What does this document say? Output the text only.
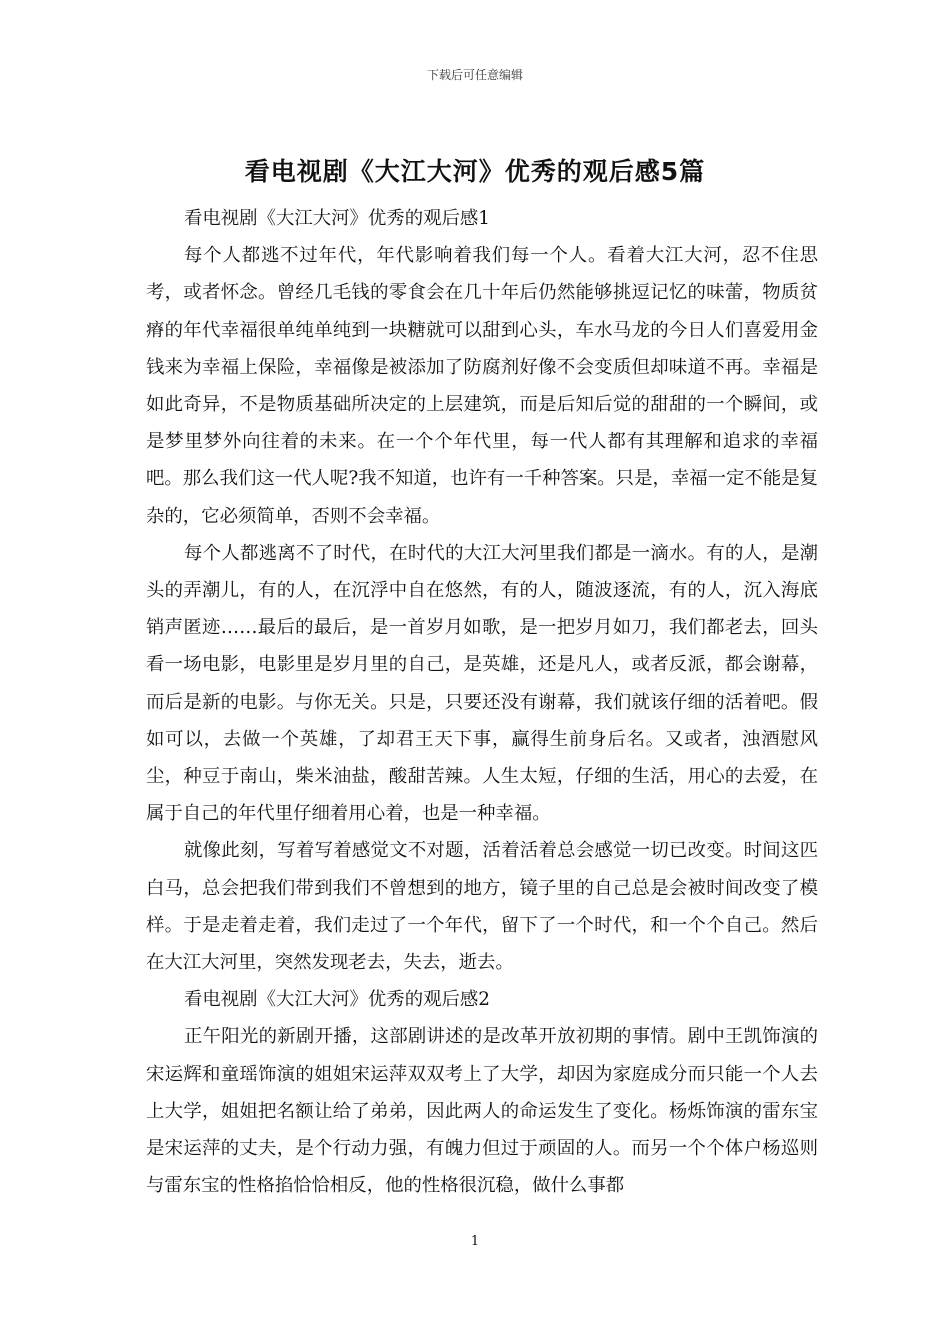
下载后可任意编辑
看电视剧《大江大河》优秀的观后感5篇

看电视剧《大江大河》优秀的观后感1

每个人都逃不过年代，年代影响着我们每一个人。看着大江大河，忍不住思考，或者怀念。曾经几毛钱的零食会在几十年后仍然能够挑逗记忆的味蕾，物质贫瘠的年代幸福很单纯单纯到一块糖就可以甜到心头，车水马龙的今日人们喜爱用金钱来为幸福上保险，幸福像是被添加了防腐剂好像不会变质但却味道不再。幸福是如此奇异，不是物质基础所决定的上层建筑，而是后知后觉的甜甜的一个瞬间，或是梦里梦外向往着的未来。在一个个年代里，每一代人都有其理解和追求的幸福吧。那么我们这一代人呢?我不知道，也许有一千种答案。只是，幸福一定不能是复杂的，它必须简单，否则不会幸福。

每个人都逃离不了时代，在时代的大江大河里我们都是一滴水。有的人，是潮头的弄潮儿，有的人，在沉浮中自在悠然，有的人，随波逐流，有的人，沉入海底销声匿迹……最后的最后，是一首岁月如歌，是一把岁月如刀，我们都老去，回头看一场电影，电影里是岁月里的自己，是英雄，还是凡人，或者反派，都会谢幕，而后是新的电影。与你无关。只是，只要还没有谢幕，我们就该仔细的活着吧。假如可以，去做一个英雄，了却君王天下事，赢得生前身后名。又或者，浊酒慰风尘，种豆于南山，柴米油盐，酸甜苦辣。人生太短，仔细的生活，用心的去爱，在属于自己的年代里仔细着用心着，也是一种幸福。

就像此刻，写着写着感觉文不对题，活着活着总会感觉一切已改变。时间这匹白马，总会把我们带到我们不曾想到的地方，镜子里的自己总是会被时间改变了模样。于是走着走着，我们走过了一个年代，留下了一个时代，和一个个自己。然后在大江大河里，突然发现老去，失去，逝去。

看电视剧《大江大河》优秀的观后感2

正午阳光的新剧开播，这部剧讲述的是改革开放初期的事情。剧中王凯饰演的宋运辉和童瑶饰演的姐姐宋运萍双双考上了大学，却因为家庭成分而只能一个人去上大学，姐姐把名额让给了弟弟，因此两人的命运发生了变化。杨烁饰演的雷东宝是宋运萍的丈夫，是个行动力强，有魄力但过于顽固的人。而另一个个体户杨巡则与雷东宝的性格掐恰恰相反，他的性格很沉稳，做什么事都

1
